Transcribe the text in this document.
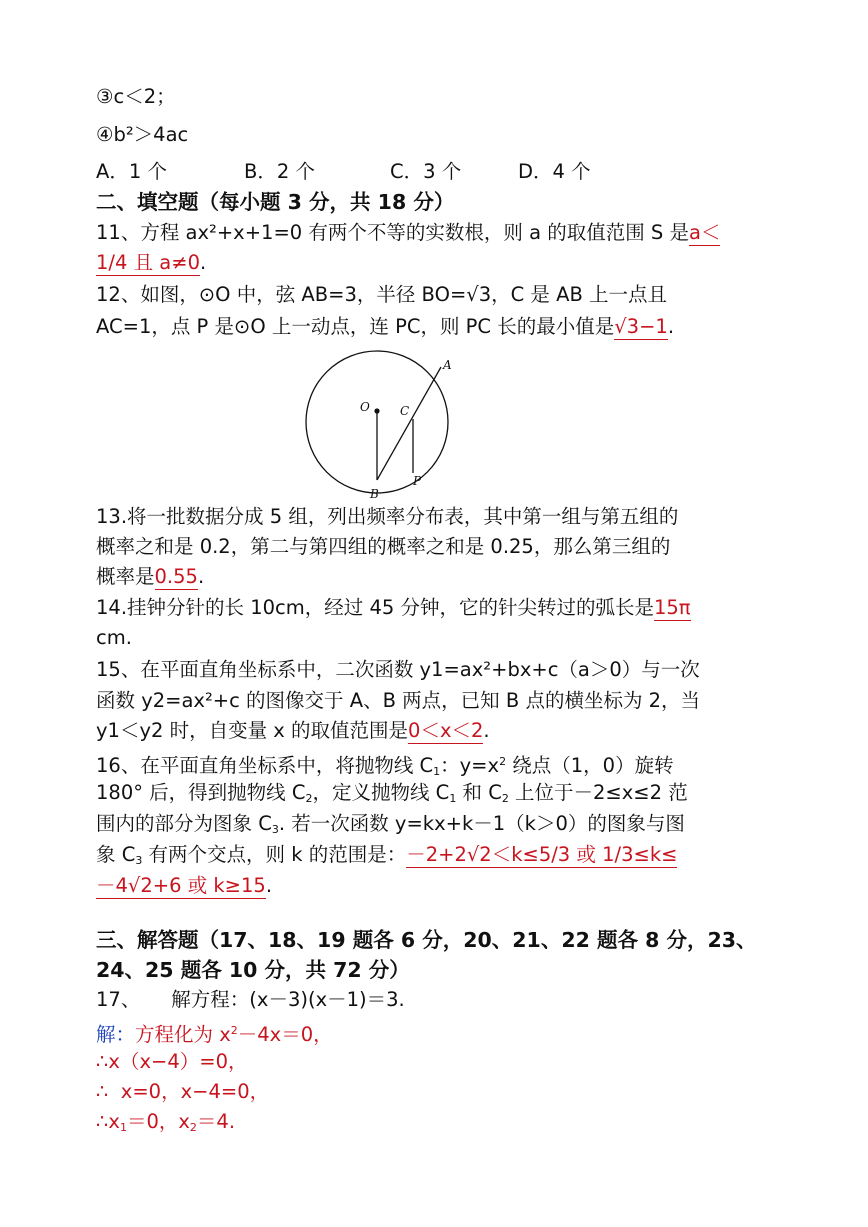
③c＜2；
④b²＞4ac
A．1 个	B．2 个	C．3 个	D．4 个
二、填空题（每小题 3 分，共 18 分）
11、方程 ax²+x+1=0 有两个不等的实数根，则 a 的取值范围 S 是a＜
1/4 且 a≠0.
12、如图，⊙O 中，弦 AB=3，半径 BO=√3，C 是 AB 上一点且
AC=1，点 P 是⊙O 上一动点，连 PC，则 PC 长的最小值是√3−1.
A
O	C
P
B
13.将一批数据分成 5 组，列出频率分布表，其中第一组与第五组的
概率之和是 0.2，第二与第四组的概率之和是 0.25，那么第三组的
概率是0.55.
14.挂钟分针的长 10cm，经过 45 分钟，它的针尖转过的弧长是15π
cm.
15、在平面直角坐标系中，二次函数 y1=ax²+bx+c（a＞0）与一次
函数 y2=ax²+c 的图像交于 A、B 两点，已知 B 点的横坐标为 2，当
y1＜y2 时，自变量 x 的取值范围是0＜x＜2.
16、在平面直角坐标系中，将抛物线 $C_1$：$y=x^2$ 绕点（1，0）旋转
180° 后，得到抛物线 $C_2$，定义抛物线 $C_1$ 和 $C_2$ 上位于－2≤x≤2 范
围内的部分为图象 $C_3$. 若一次函数 y=kx+k－1（k＞0）的图象与图
象 $C_3$ 有两个交点，则 k 的范围是：－2+2√2＜k≤5/3 或 1/3≤k≤
－4√2+6 或 k≥15.
三、解答题（17、18、19 题各 6 分，20、21、22 题各 8 分，23、
24、25 题各 10 分，共 72 分）
17、     解方程：(x－3)(x－1)＝3.
解：方程化为 $x^2-4x=0$，
∴x（x−4）=0，
∴  x=0，x−4=0，
$\therefore x_1=0$，$x_2=4$.
